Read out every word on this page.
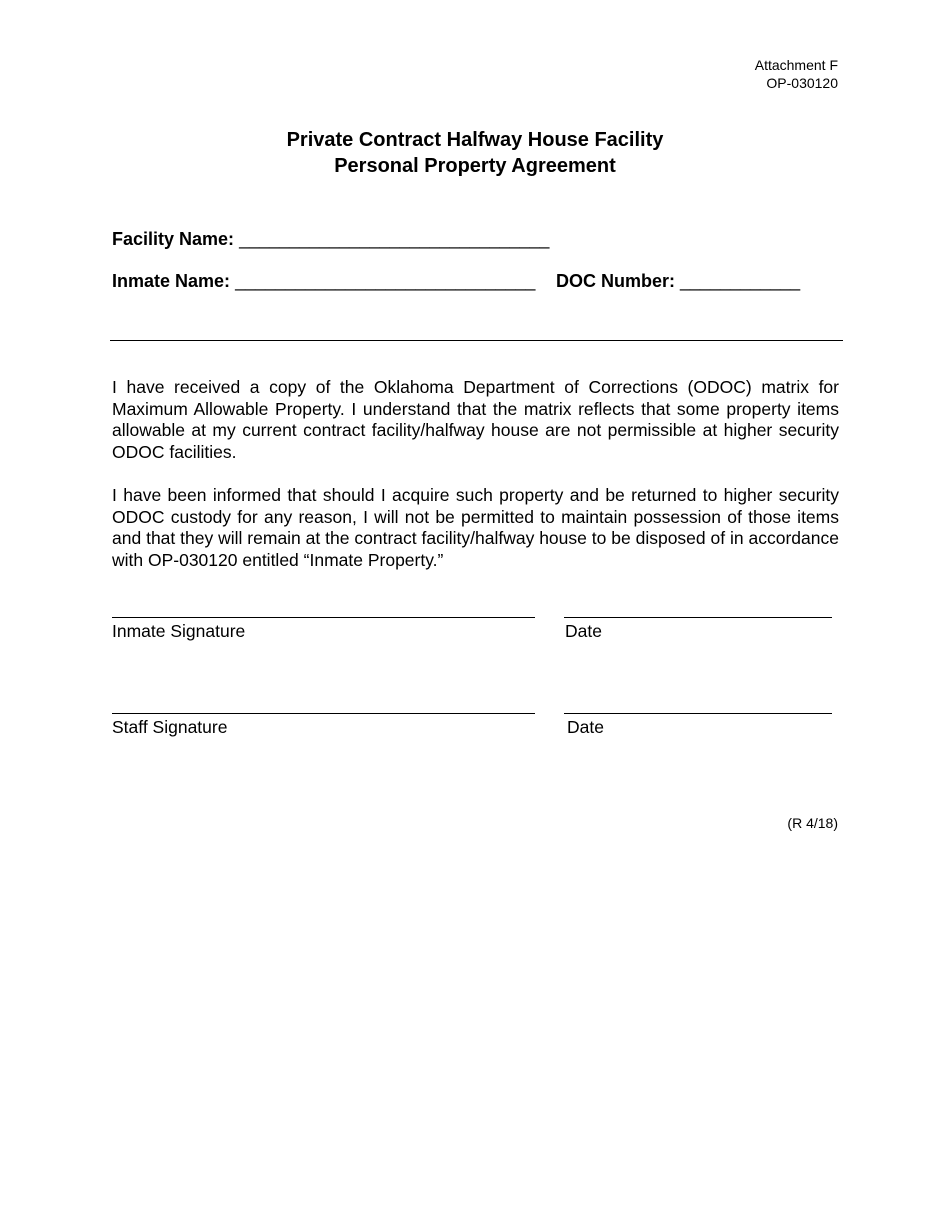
Attachment F
OP-030120
Private Contract Halfway House Facility
Personal Property Agreement
Facility Name: _______________________________
Inmate Name: ______________________________ DOC Number: ____________
I have received a copy of the Oklahoma Department of Corrections (ODOC) matrix for Maximum Allowable Property. I understand that the matrix reflects that some property items allowable at my current contract facility/halfway house are not permissible at higher security ODOC facilities.
I have been informed that should I acquire such property and be returned to higher security ODOC custody for any reason, I will not be permitted to maintain possession of those items and that they will remain at the contract facility/halfway house to be disposed of in accordance with OP-030120 entitled “Inmate Property.”
Inmate Signature	Date
Staff Signature	Date
(R 4/18)
